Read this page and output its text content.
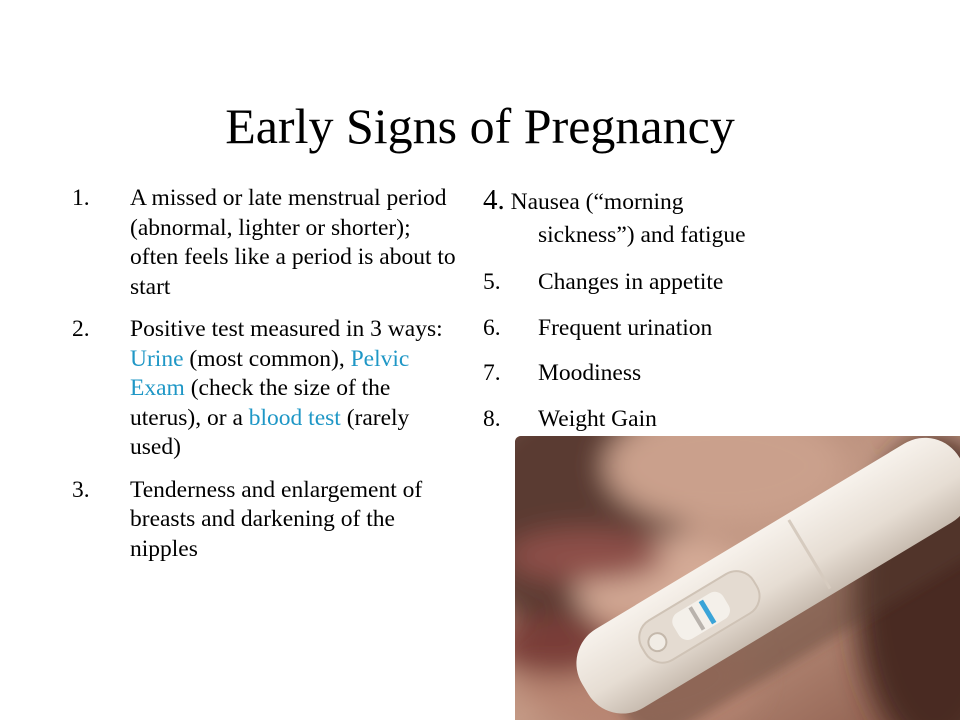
Early Signs of Pregnancy
1.	A missed or late menstrual period (abnormal, lighter or shorter); often feels like a period is about to start
2.	Positive test measured in 3 ways: Urine (most common), Pelvic Exam (check the size of the uterus), or a blood test (rarely used)
3.	Tenderness and enlargement of breasts and darkening of the nipples
4. Nausea (“morning
sickness”) and fatigue
5.	Changes in appetite
6.	Frequent urination
7.	Moodiness
8.	Weight Gain
